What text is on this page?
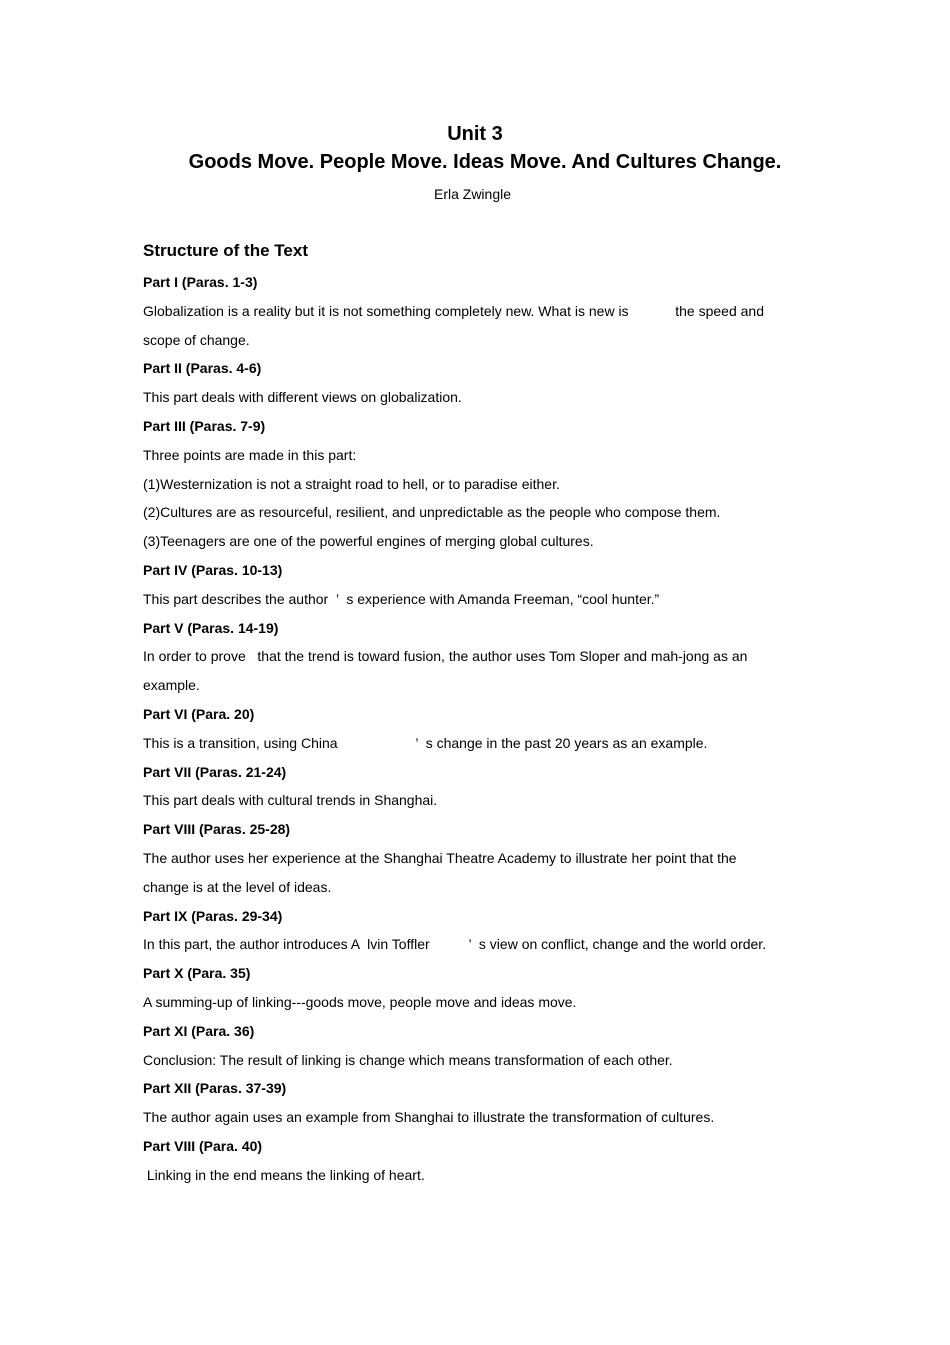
Unit 3
Goods Move. People Move. Ideas Move. And Cultures Change.
Erla Zwingle
Structure of the Text
Part I (Paras. 1-3)
Globalization is a reality but it is not something completely new. What is new is            the speed and
scope of change.
Part II (Paras. 4-6)
This part deals with different views on globalization.
Part III (Paras. 7-9)
Three points are made in this part:
(1)Westernization is not a straight road to hell, or to paradise either.
(2)Cultures are as resourceful, resilient, and unpredictable as the people who compose them.
(3)Teenagers are one of the powerful engines of merging global cultures.
Part IV (Paras. 10-13)
This part describes the author  ’  s experience with Amanda Freeman, “cool hunter.”
Part V (Paras. 14-19)
In order to prove   that the trend is toward fusion, the author uses Tom Sloper and mah-jong as an
example.
Part VI (Para. 20)
This is a transition, using China                    ’  s change in the past 20 years as an example.
Part VII (Paras. 21-24)
This part deals with cultural trends in Shanghai.
Part VIII (Paras. 25-28)
The author uses her experience at the Shanghai Theatre Academy to illustrate her point that the
change is at the level of ideas.
Part IX (Paras. 29-34)
In this part, the author introduces A  lvin Toffler          ’  s view on conflict, change and the world order.
Part X (Para. 35)
A summing-up of linking---goods move, people move and ideas move.
Part XI (Para. 36)
Conclusion: The result of linking is change which means transformation of each other.
Part XII (Paras. 37-39)
The author again uses an example from Shanghai to illustrate the transformation of cultures.
Part VIII (Para. 40)
Linking in the end means the linking of heart.
